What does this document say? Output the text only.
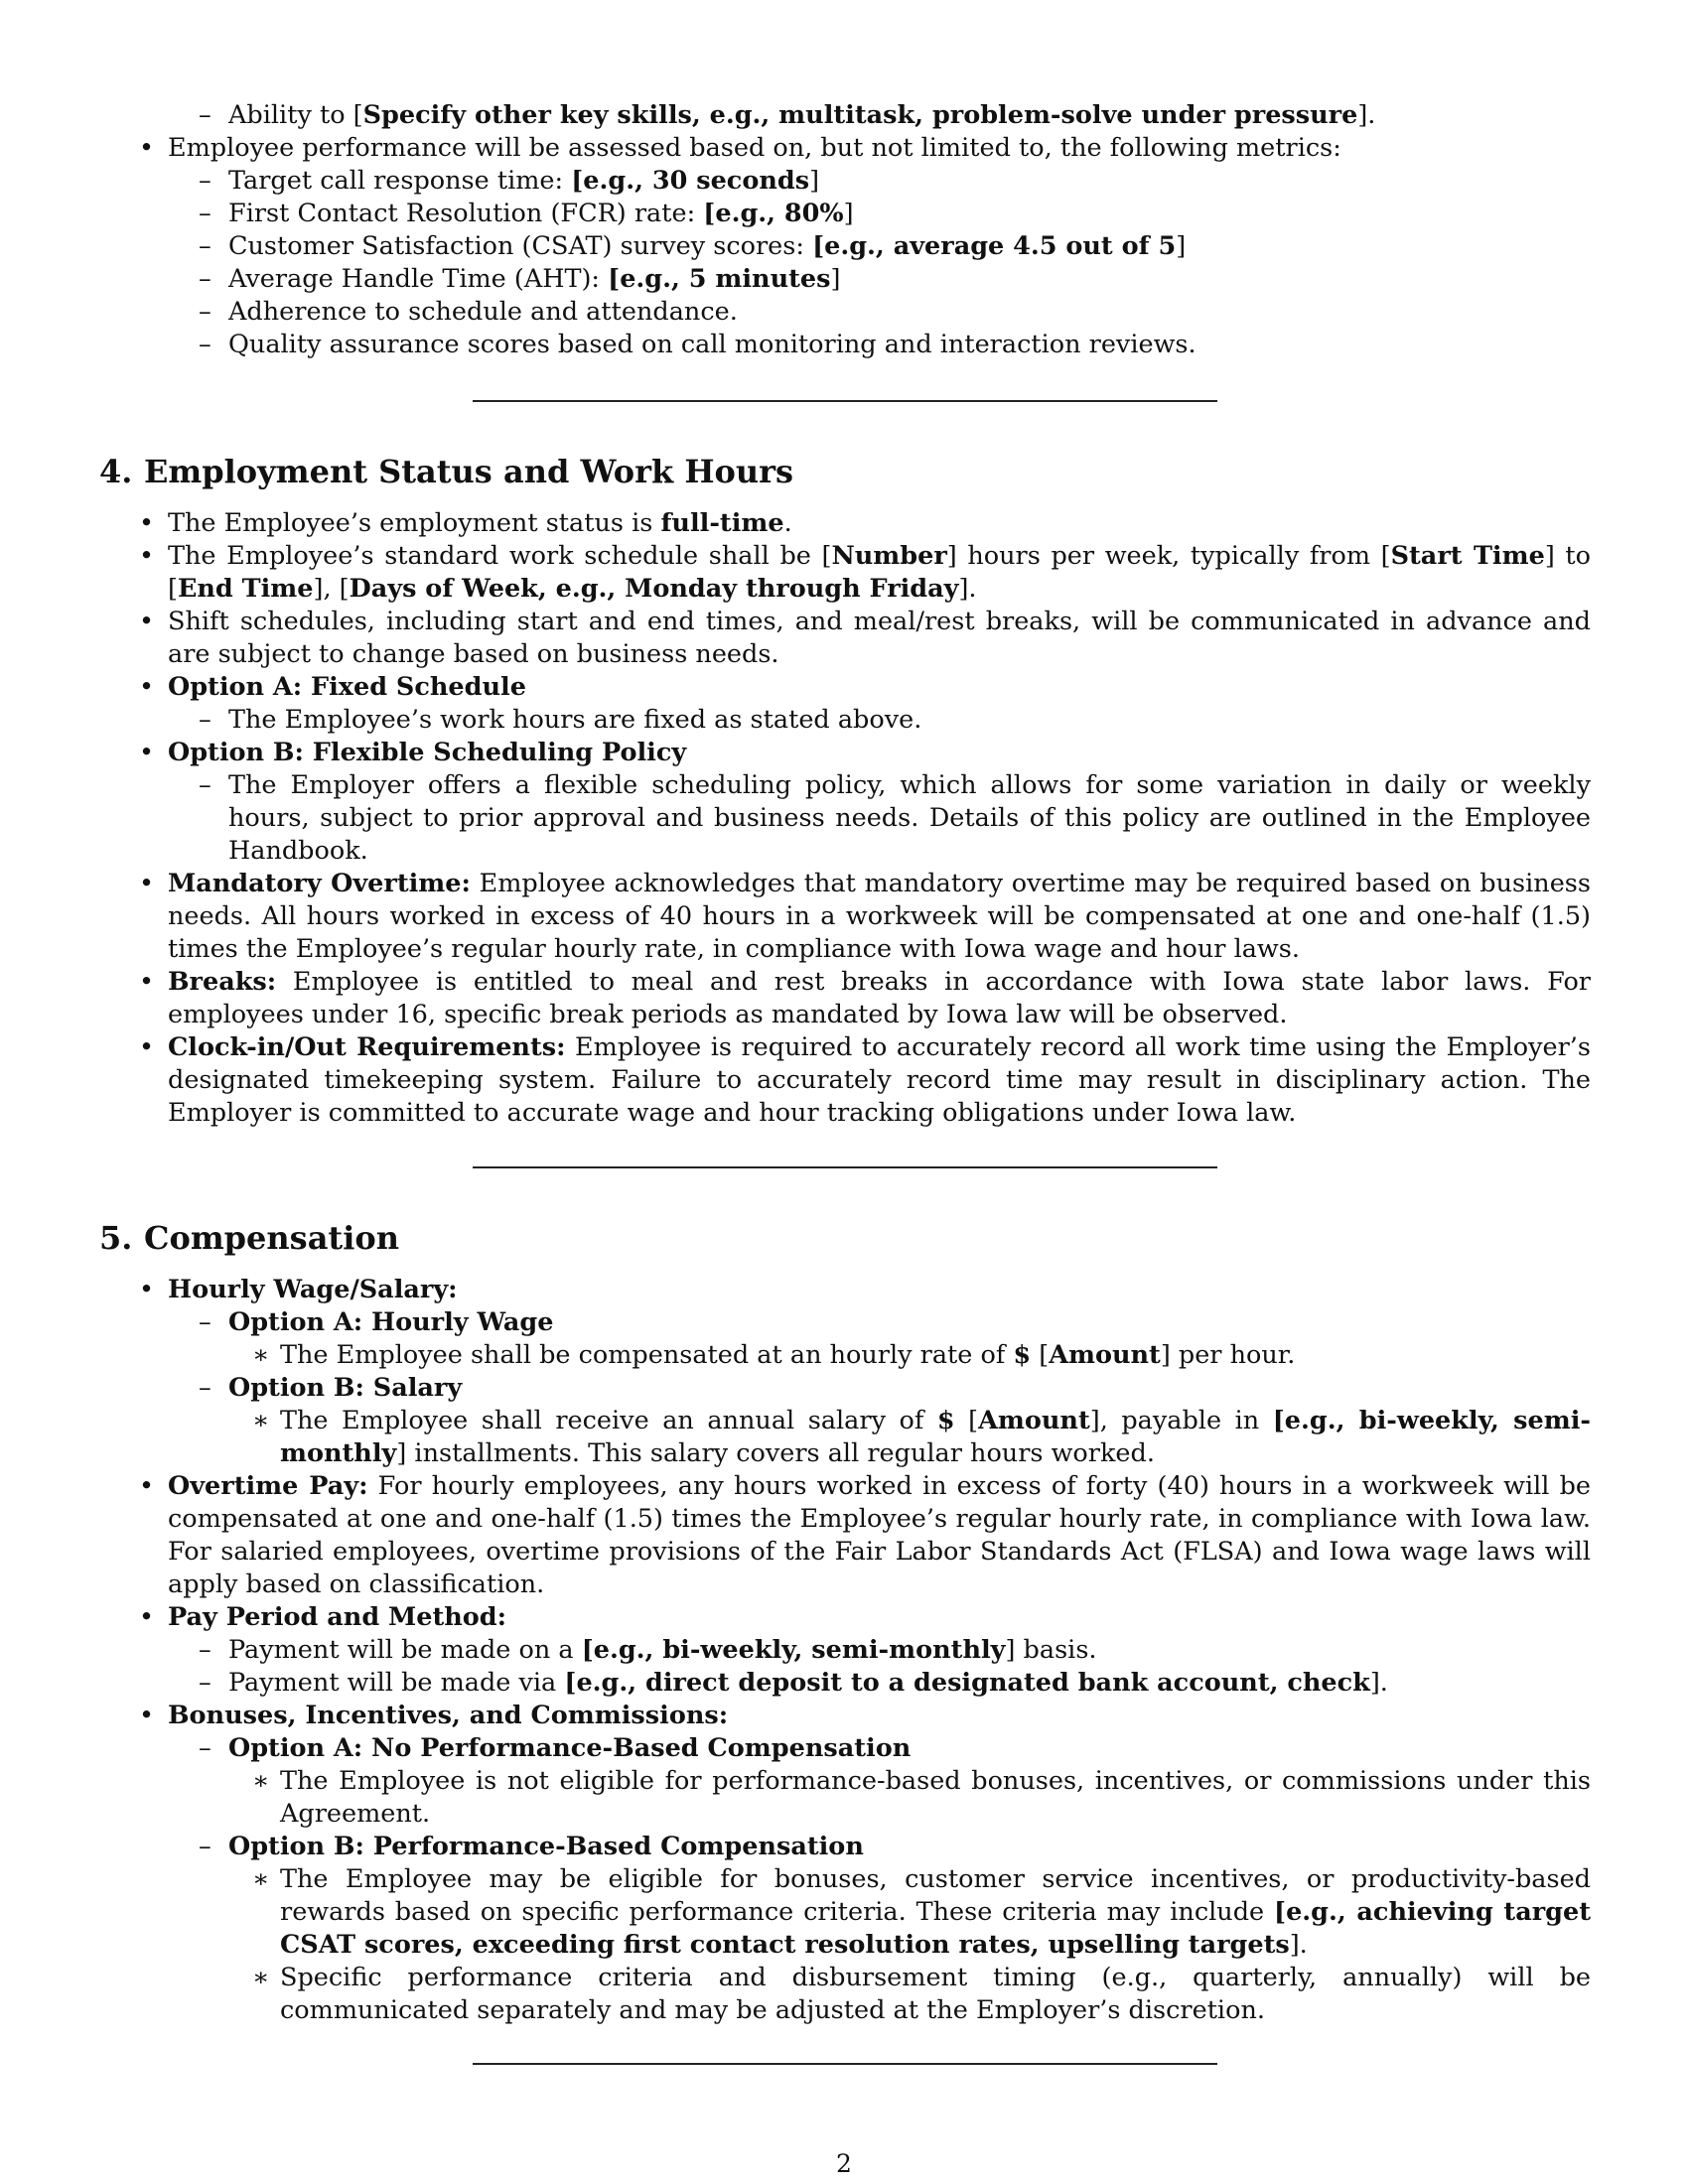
– Ability to [Specify other key skills, e.g., multitask, problem-solve under pressure].
• Employee performance will be assessed based on, but not limited to, the following metrics:
– Target call response time: [e.g., 30 seconds]
– First Contact Resolution (FCR) rate: [e.g., 80%]
– Customer Satisfaction (CSAT) survey scores: [e.g., average 4.5 out of 5]
– Average Handle Time (AHT): [e.g., 5 minutes]
– Adherence to schedule and attendance.
– Quality assurance scores based on call monitoring and interaction reviews.
4. Employment Status and Work Hours
• The Employee’s employment status is full-time.
• The Employee’s standard work schedule shall be [Number] hours per week, typically from [Start Time] to [End Time], [Days of Week, e.g., Monday through Friday].
• Shift schedules, including start and end times, and meal/rest breaks, will be communicated in advance and are subject to change based on business needs.
• Option A: Fixed Schedule
– The Employee’s work hours are fixed as stated above.
• Option B: Flexible Scheduling Policy
– The Employer offers a flexible scheduling policy, which allows for some variation in daily or weekly hours, subject to prior approval and business needs. Details of this policy are outlined in the Employee Handbook.
• Mandatory Overtime: Employee acknowledges that mandatory overtime may be required based on business needs. All hours worked in excess of 40 hours in a workweek will be compensated at one and one-half (1.5) times the Employee’s regular hourly rate, in compliance with Iowa wage and hour laws.
• Breaks: Employee is entitled to meal and rest breaks in accordance with Iowa state labor laws. For employees under 16, specific break periods as mandated by Iowa law will be observed.
• Clock-in/Out Requirements: Employee is required to accurately record all work time using the Employer’s designated timekeeping system. Failure to accurately record time may result in disciplinary action. The Employer is committed to accurate wage and hour tracking obligations under Iowa law.
5. Compensation
• Hourly Wage/Salary:
– Option A: Hourly Wage
∗ The Employee shall be compensated at an hourly rate of $ [Amount] per hour.
– Option B: Salary
∗ The Employee shall receive an annual salary of $ [Amount], payable in [e.g., bi-weekly, semi-monthly] installments. This salary covers all regular hours worked.
• Overtime Pay: For hourly employees, any hours worked in excess of forty (40) hours in a workweek will be compensated at one and one-half (1.5) times the Employee’s regular hourly rate, in compliance with Iowa law. For salaried employees, overtime provisions of the Fair Labor Standards Act (FLSA) and Iowa wage laws will apply based on classification.
• Pay Period and Method:
– Payment will be made on a [e.g., bi-weekly, semi-monthly] basis.
– Payment will be made via [e.g., direct deposit to a designated bank account, check].
• Bonuses, Incentives, and Commissions:
– Option A: No Performance-Based Compensation
∗ The Employee is not eligible for performance-based bonuses, incentives, or commissions under this Agreement.
– Option B: Performance-Based Compensation
∗ The Employee may be eligible for bonuses, customer service incentives, or productivity-based rewards based on specific performance criteria. These criteria may include [e.g., achieving target CSAT scores, exceeding first contact resolution rates, upselling targets].
∗ Specific performance criteria and disbursement timing (e.g., quarterly, annually) will be communicated separately and may be adjusted at the Employer’s discretion.
2
